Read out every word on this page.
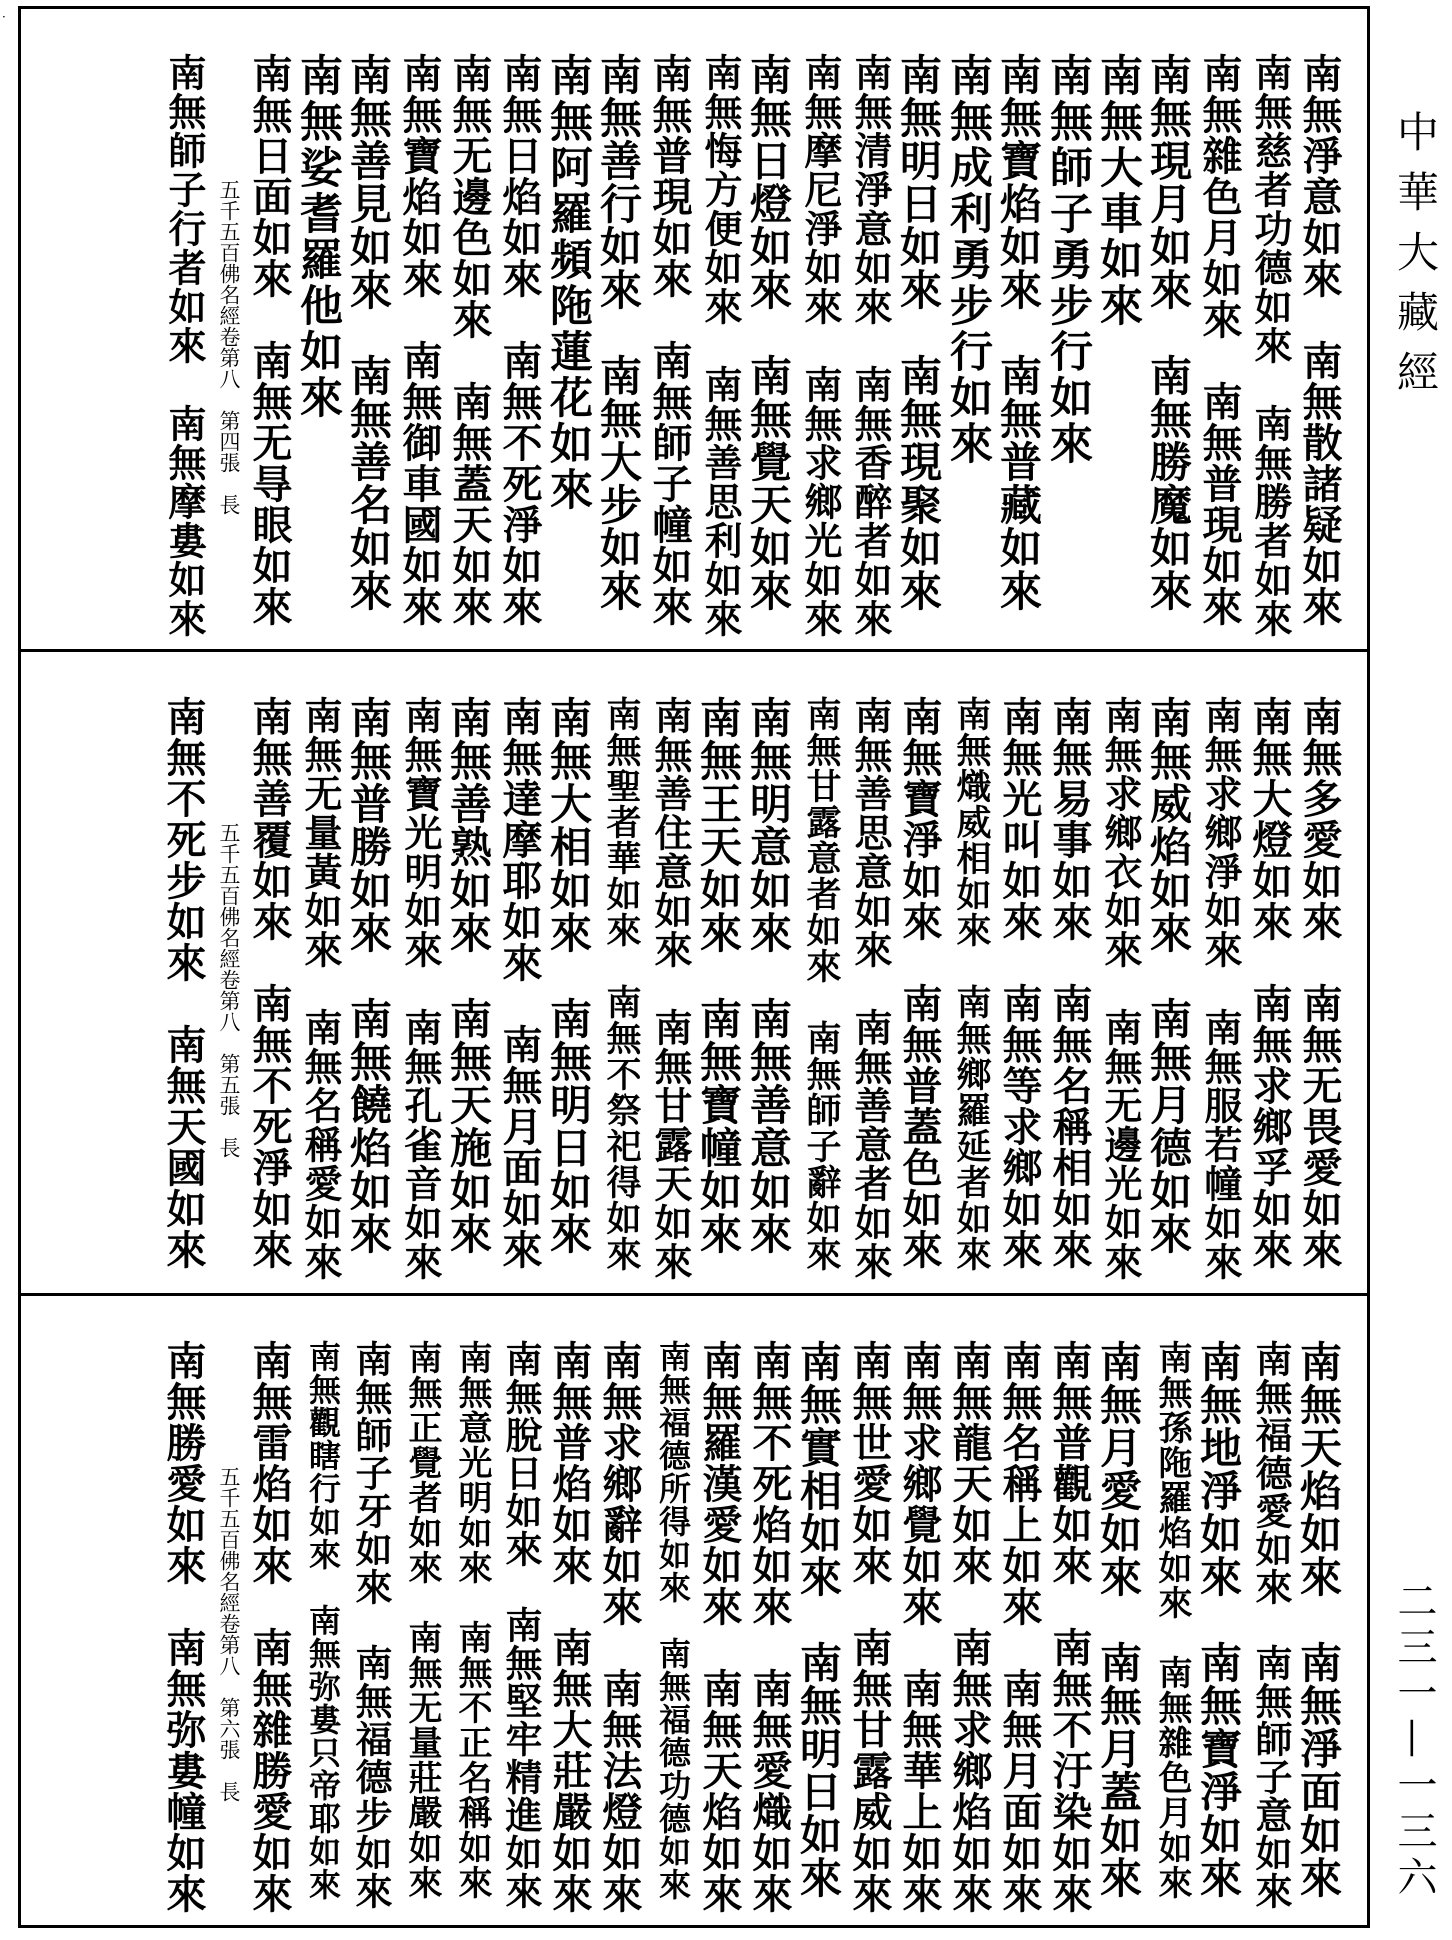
·
南無淨意如來　南無散諸疑如來
南無慈者功德如來　南無勝者如來
南無雜色月如來　南無普現如來
南無現月如來　南無勝魔如來
南無大車如來
南無師子勇步行如來
南無寶焰如來　南無普藏如來
南無成利勇步行如來
南無明日如來　南無現聚如來
南無清淨意如來　南無香醉者如來
南無摩尼淨如來　南無求鄉光如來
南無日燈如來　南無覺天如來
南無悔方便如來　南無善思利如來
南無普現如來　南無師子幢如來
南無善行如來　南無大步如來
南無阿羅頻陁蓮花如來
南無日焰如來　南無不死淨如來
南無无邊色如來　南無蓋天如來
南無寶焰如來　南無御車國如來
南無善見如來　南無善名如來
南無娑耆羅他如來
南無日面如來　南無无㝵眼如來
五千五百佛名經卷第八　第四張　長
南無師子行者如來　南無摩婁如來
南無多愛如來　南無无畏愛如來
南無大燈如來　南無求鄉孚如來
南無求鄉淨如來　南無服若幢如來
南無威焰如來　南無月德如來
南無求鄉衣如來　南無无邊光如來
南無易事如來　南無名稱相如來
南無光叫如來　南無等求鄉如來
南無熾威相如來　南無鄉羅延者如來
南無寶淨如來　南無普蓋色如來
南無善思意如來　南無善意者如來
南無甘露意者如來　南無師子辭如來
南無明意如來　南無善意如來
南無王天如來　南無寶幢如來
南無善住意如來　南無甘露天如來
南無聖者華如來　南無不祭祀得如來
南無大相如來　南無明日如來
南無達摩耶如來　南無月面如來
南無善熟如來　南無天施如來
南無寶光明如來　南無孔雀音如來
南無普勝如來　南無饒焰如來
南無无量黃如來　南無名稱愛如來
南無善覆如來　南無不死淨如來
五千五百佛名經卷第八　第五張　長
南無不死步如來　南無天國如來
南無天焰如來　南無淨面如來
南無福德愛如來　南無師子意如來
南無地淨如來　南無寶淨如來
南無孫陁羅焰如來　南無雜色月如來
南無月愛如來　南無月蓋如來
南無普觀如來　南無不汙染如來
南無名稱上如來　南無月面如來
南無龍天如來　南無求鄉焰如來
南無求鄉覺如來　南無華上如來
南無世愛如來　南無甘露威如來
南無實相如來　南無明日如來
南無不死焰如來　南無愛熾如來
南無羅漢愛如來　南無天焰如來
南無福德所得如來　南無福德功德如來
南無求鄉辭如來　南無法燈如來
南無普焰如來　南無大莊嚴如來
南無脫日如來　南無堅牢精進如來
南無意光明如來　南無不正名稱如來
南無正覺者如來　南無无量莊嚴如來
南無師子牙如來　南無福德步如來
南無觀瞎行如來　南無弥婁只帝耶如來
南無雷焰如來　南無雜勝愛如來
五千五百佛名經卷第八　第六張　長
南無勝愛如來　南無弥婁幢如來
中華大藏經
二三一—一三六
